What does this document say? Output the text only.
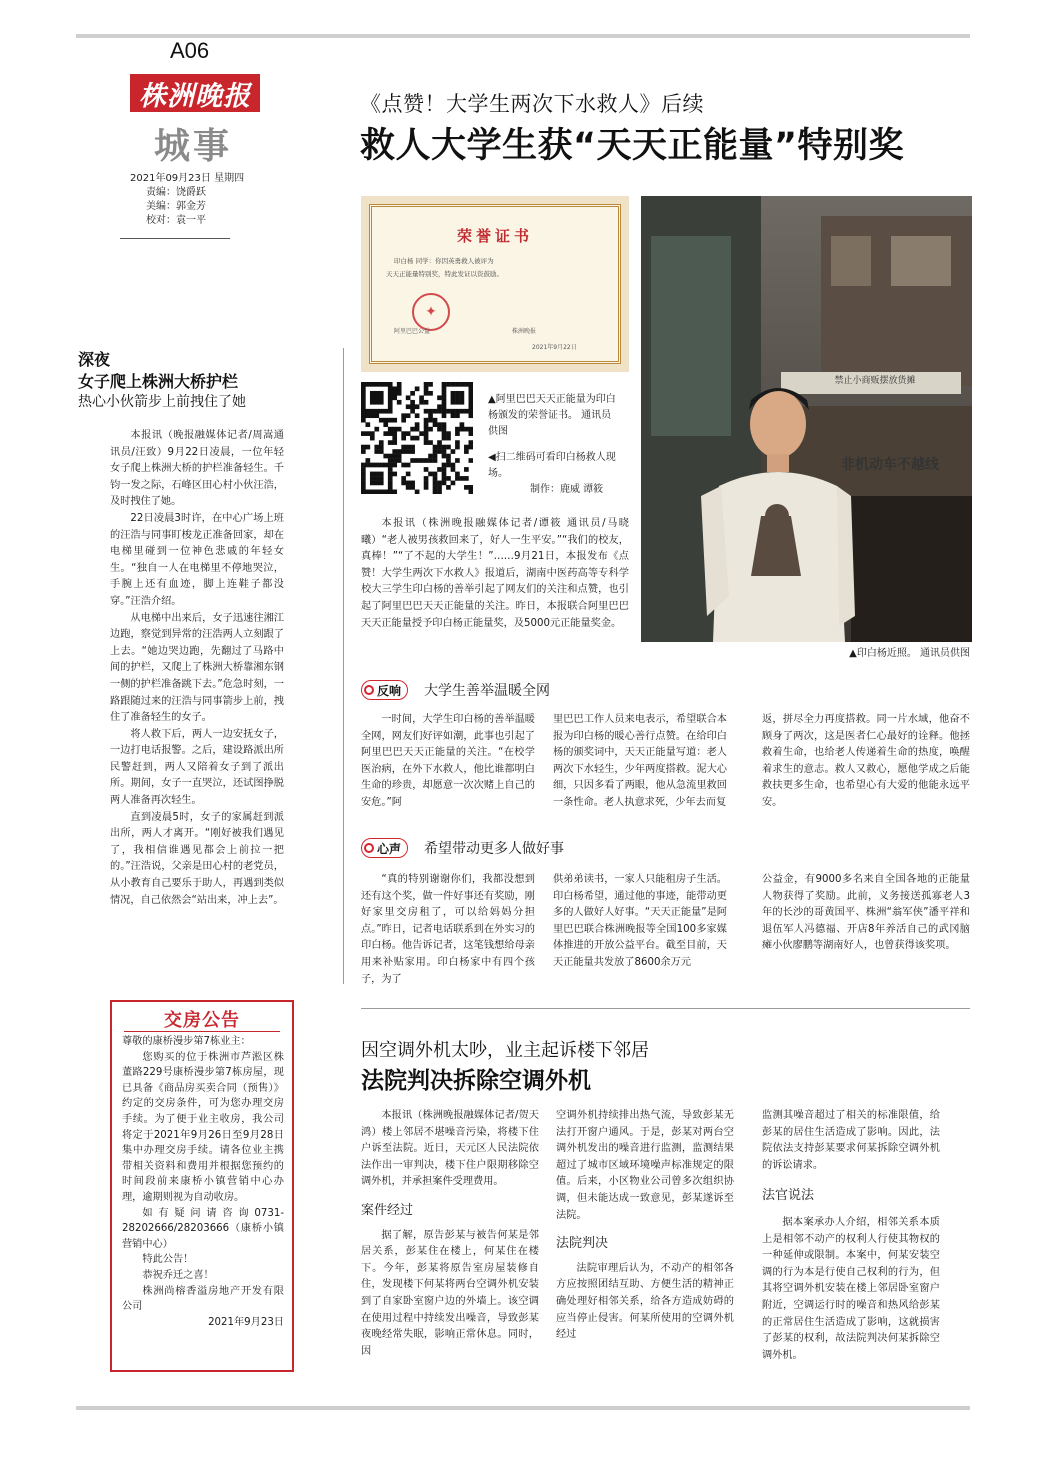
A06
株洲晚报
城事
2021年09月23日 星期四
责编：饶爵跃
美编：郭金芳
校对：袁一平
《点赞！大学生两次下水救人》后续
救人大学生获“天天正能量”特别奖
荣誉证书
印白杨 同学：你因英勇救人被评为
天天正能量特别奖，特此发证以资鼓励。
✦
阿里巴巴公益	株洲晚报
2021年9月22日
▲阿里巴巴天天正能量为印白杨颁发的荣誉证书。 通讯员供图
◀扫二维码可看印白杨救人现场。
制作：鹿威 谭筱
禁止小商贩摆放货摊
非机动车不越线
▲印白杨近照。 通讯员供图
本报讯（株洲晚报融媒体记者/谭筱 通讯员/马晓曦）“老人被男孩救回来了，好人一生平安。”“我们的校友，真棒！”“了不起的大学生！”……9月21日，本报发布《点赞！大学生两次下水救人》报道后，湖南中医药高等专科学校大三学生印白杨的善举引起了网友们的关注和点赞，也引起了阿里巴巴天天正能量的关注。昨日，本报联合阿里巴巴天天正能量授予印白杨正能量奖，及5000元正能量奖金。
反响 大学生善举温暖全网
一时间，大学生印白杨的善举温暖全网，网友们好评如潮，此事也引起了阿里巴巴天天正能量的关注。“在校学医治病，在外下水救人，他比谁都明白生命的珍贵，却愿意一次次赌上自己的安危。”阿
里巴巴工作人员来电表示，希望联合本报为印白杨的暖心善行点赞。在给印白杨的颁奖词中，天天正能量写道：老人两次下水轻生，少年两度搭救。泥大心细，只因多看了两眼，他从急流里救回一条性命。老人执意求死，少年去而复
返，拼尽全力再度搭救。同一片水域，他奋不顾身了两次，这是医者仁心最好的诠释。他拯救着生命，也给老人传递着生命的热度，唤醒着求生的意志。救人又救心，愿他学成之后能救扶更多生命，也希望心有大爱的他能永远平安。
心声 希望带动更多人做好事
“真的特别谢谢你们，我都没想到还有这个奖，做一件好事还有奖励，刚好家里交房租了，可以给妈妈分担点。”昨日，记者电话联系到在外实习的印白杨。他告诉记者，这笔钱想给母亲用来补贴家用。印白杨家中有四个孩子，为了
供弟弟读书，一家人只能租房子生活。印白杨希望，通过他的事迹，能带动更多的人做好人好事。“天天正能量”是阿里巴巴联合株洲晚报等全国100多家媒体推进的开放公益平台。截至目前，天天正能量共发放了8600余万元
公益金，有9000多名来自全国各地的正能量人物获得了奖励。此前，义务接送孤寡老人3年的长沙的哥黄国平、株洲“翁军侠”潘平祥和退伍军人冯德福、开店8年养活自己的武冈脑瘫小伙廖鹏等湖南好人，也曾获得该奖项。
深夜
女子爬上株洲大桥护栏
热心小伙箭步上前拽住了她
本报讯（晚报融媒体记者/周嵩通讯员/汪致）9月22日凌晨，一位年轻女子爬上株洲大桥的护栏准备轻生。千钧一发之际，石峰区田心村小伙汪浩，及时拽住了她。
22日凌晨3时许，在中心广场上班的汪浩与同事盯梭龙正准备回家，却在电梯里碰到一位神色悲戚的年轻女生。“独自一人在电梯里不停地哭泣，手腕上还有血迹，脚上连鞋子都没穿。”汪浩介绍。
从电梯中出来后，女子迅速往湘江边跑，察觉到异常的汪浩两人立刻跟了上去。“她边哭边跑，先翻过了马路中间的护栏，又爬上了株洲大桥靠湘东钢一侧的护栏准备跳下去。”危急时刻，一路跟随过来的汪浩与同事箭步上前，拽住了准备轻生的女子。
将人救下后，两人一边安抚女子，一边打电话报警。之后，建设路派出所民警赶到，两人又陪着女子到了派出所。期间，女子一直哭泣，还试图挣脱两人准备再次轻生。
直到凌晨5时，女子的家属赶到派出所，两人才离开。“刚好被我们遇见了，我相信谁遇见都会上前拉一把的。”汪浩说，父亲是田心村的老党员，从小教育自己要乐于助人，再遇到类似情况，自己依然会“站出来，冲上去”。
交房公告
尊敬的康桥漫步第7栋业主：
您购买的位于株洲市芦淞区株董路229号康桥漫步第7栋房屋，现已具备《商品房买卖合同（预售）》约定的交房条件，可为您办理交房手续。为了便于业主收房，我公司将定于2021年9月26日至9月28日集中办理交房手续。请各位业主携带相关资料和费用并根据您预约的时间段前来康桥小镇营销中心办理，逾期则视为自动收房。
如有疑问请咨询0731-28202666/28203666（康桥小镇营销中心）
特此公告！
恭祝乔迁之喜！
株洲尚榕香溢房地产开发有限公司
2021年9月23日
因空调外机太吵，业主起诉楼下邻居
法院判决拆除空调外机
本报讯（株洲晚报融媒体记者/贺天鸿）楼上邻居不堪噪音污染，将楼下住户诉至法院。近日，天元区人民法院依法作出一审判决，楼下住户限期移除空调外机，并承担案件受理费用。
案件经过
据了解，原告彭某与被告何某是邻居关系，彭某住在楼上，何某住在楼下。今年，彭某将原告室房屋装修自住，发现楼下何某将两台空调外机安装到了自家卧室窗户边的外墙上。该空调在使用过程中持续发出噪音，导致彭某夜晚经常失眠，影响正常休息。同时，因
空调外机持续排出热气流，导致彭某无法打开窗户通风。于是，彭某对两台空调外机发出的噪音进行监测，监测结果超过了城市区域环境噪声标准规定的限值。后来，小区物业公司曾多次组织协调，但未能达成一致意见，彭某遂诉至法院。
法院判决
法院审理后认为，不动产的相邻各方应按照团结互助、方便生活的精神正确处理好相邻关系，给各方造成妨碍的应当停止侵害。何某所使用的空调外机经过
监测其噪音超过了相关的标准限值，给彭某的居住生活造成了影响。因此，法院依法支持彭某要求何某拆除空调外机的诉讼请求。
法官说法
据本案承办人介绍，相邻关系本质上是相邻不动产的权利人行使其物权的一种延伸或限制。本案中，何某安装空调的行为本是行使自己权利的行为，但其将空调外机安装在楼上邻居卧室窗户附近，空调运行时的噪音和热风给彭某的正常居住生活造成了影响，这就损害了彭某的权利，故法院判决何某拆除空调外机。
